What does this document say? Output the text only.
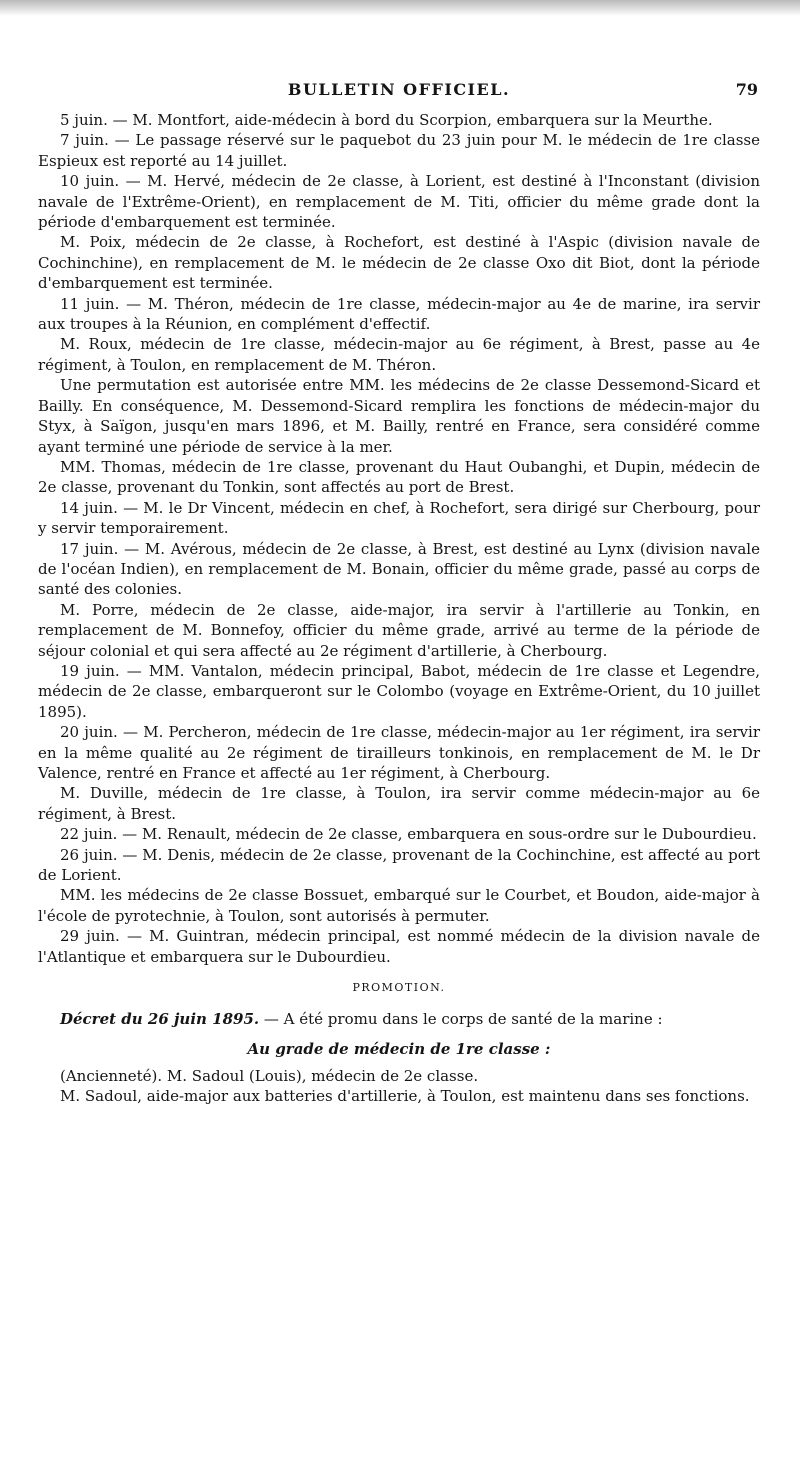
BULLETIN OFFICIEL.	79

5 juin. — M. Montfort, aide-médecin à bord du Scorpion, embarquera sur la Meurthe.

7 juin. — Le passage réservé sur le paquebot du 23 juin pour M. le médecin de 1re classe Espieux est reporté au 14 juillet.

10 juin. — M. Hervé, médecin de 2e classe, à Lorient, est destiné à l'Inconstant (division navale de l'Extrême-Orient), en remplacement de M. Titi, officier du même grade dont la période d'embarquement est terminée.

M. Poix, médecin de 2e classe, à Rochefort, est destiné à l'Aspic (division navale de Cochinchine), en remplacement de M. le médecin de 2e classe Oxo dit Biot, dont la période d'embarquement est terminée.

11 juin. — M. Théron, médecin de 1re classe, médecin-major au 4e de marine, ira servir aux troupes à la Réunion, en complément d'effectif.

M. Roux, médecin de 1re classe, médecin-major au 6e régiment, à Brest, passe au 4e régiment, à Toulon, en remplacement de M. Théron.

Une permutation est autorisée entre MM. les médecins de 2e classe Dessemond-Sicard et Bailly. En conséquence, M. Dessemond-Sicard remplira les fonctions de médecin-major du Styx, à Saïgon, jusqu'en mars 1896, et M. Bailly, rentré en France, sera considéré comme ayant terminé une période de service à la mer.

MM. Thomas, médecin de 1re classe, provenant du Haut Oubanghi, et Dupin, médecin de 2e classe, provenant du Tonkin, sont affectés au port de Brest.

14 juin. — M. le Dr Vincent, médecin en chef, à Rochefort, sera dirigé sur Cherbourg, pour y servir temporairement.

17 juin. — M. Avérous, médecin de 2e classe, à Brest, est destiné au Lynx (division navale de l'océan Indien), en remplacement de M. Bonain, officier du même grade, passé au corps de santé des colonies.

M. Porre, médecin de 2e classe, aide-major, ira servir à l'artillerie au Tonkin, en remplacement de M. Bonnefoy, officier du même grade, arrivé au terme de la période de séjour colonial et qui sera affecté au 2e régiment d'artillerie, à Cherbourg.

19 juin. — MM. Vantalon, médecin principal, Babot, médecin de 1re classe et Legendre, médecin de 2e classe, embarqueront sur le Colombo (voyage en Extrême-Orient, du 10 juillet 1895).

20 juin. — M. Percheron, médecin de 1re classe, médecin-major au 1er régiment, ira servir en la même qualité au 2e régiment de tirailleurs tonkinois, en remplacement de M. le Dr Valence, rentré en France et affecté au 1er régiment, à Cherbourg.

M. Duville, médecin de 1re classe, à Toulon, ira servir comme médecin-major au 6e régiment, à Brest.

22 juin. — M. Renault, médecin de 2e classe, embarquera en sous-ordre sur le Dubourdieu.

26 juin. — M. Denis, médecin de 2e classe, provenant de la Cochinchine, est affecté au port de Lorient.

MM. les médecins de 2e classe Bossuet, embarqué sur le Courbet, et Boudon, aide-major à l'école de pyrotechnie, à Toulon, sont autorisés à permuter.

29 juin. — M. Guintran, médecin principal, est nommé médecin de la division navale de l'Atlantique et embarquera sur le Dubourdieu.

PROMOTION.

Décret du 26 juin 1895. — A été promu dans le corps de santé de la marine :

Au grade de médecin de 1re classe :

(Ancienneté). M. Sadoul (Louis), médecin de 2e classe.

M. Sadoul, aide-major aux batteries d'artillerie, à Toulon, est maintenu dans ses fonctions.
